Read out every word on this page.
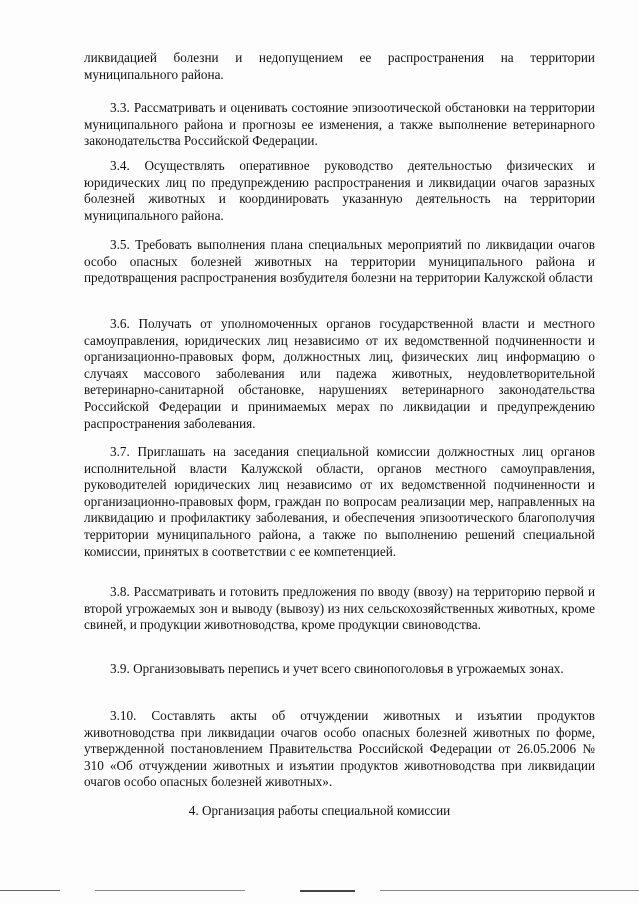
ликвидацией болезни и недопущением ее распространения на территории муниципального района.

3.3. Рассматривать и оценивать состояние эпизоотической обстановки на территории муниципального района и прогнозы ее изменения, а также выполнение ветеринарного законодательства Российской Федерации.

3.4. Осуществлять оперативное руководство деятельностью физических и юридических лиц по предупреждению распространения и ликвидации очагов заразных болезней животных и координировать указанную деятельность на территории муниципального района.

3.5. Требовать выполнения плана специальных мероприятий по ликвидации очагов особо опасных болезней животных на территории муниципального района и предотвращения распространения возбудителя болезни на территории Калужской области

3.6. Получать от уполномоченных органов государственной власти и местного самоуправления, юридических лиц независимо от их ведомственной подчиненности и организационно-правовых форм, должностных лиц, физических лиц информацию о случаях массового заболевания или падежа животных, неудовлетворительной ветеринарно-санитарной обстановке, нарушениях ветеринарного законодательства Российской Федерации и принимаемых мерах по ликвидации и предупреждению распространения заболевания.

3.7. Приглашать на заседания специальной комиссии должностных лиц органов исполнительной власти Калужской области, органов местного самоуправления, руководителей юридических лиц независимо от их ведомственной подчиненности и организационно-правовых форм, граждан по вопросам реализации мер, направленных на ликвидацию и профилактику заболевания, и обеспечения эпизоотического благополучия территории муниципального района, а также по выполнению решений специальной комиссии, принятых в соответствии с ее компетенцией.

3.8. Рассматривать и готовить предложения по вводу (ввозу) на территорию первой и второй угрожаемых зон и выводу (вывозу) из них сельскохозяйственных животных, кроме свиней, и продукции животноводства, кроме продукции свиноводства.

3.9. Организовывать перепись и учет всего свинопоголовья в угрожаемых зонах.

3.10. Составлять акты об отчуждении животных и изъятии продуктов животноводства при ликвидации очагов особо опасных болезней животных по форме, утвержденной постановлением Правительства Российской Федерации от 26.05.2006 № 310 «Об отчуждении животных и изъятии продуктов животноводства при ликвидации очагов особо опасных болезней животных».

4. Организация работы специальной комиссии
